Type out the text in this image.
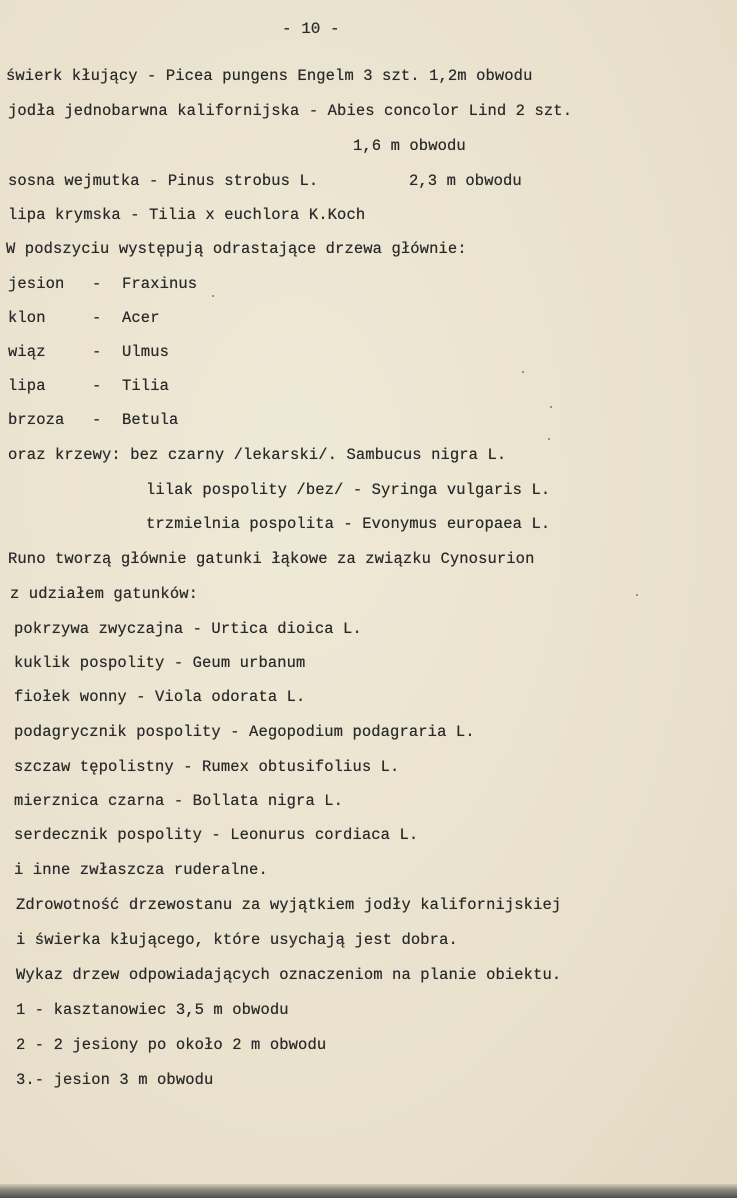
- 10 -
świerk kłujący - Picea pungens Engelm 3 szt. 1,2m obwodu
jodła jednobarwna kalifornijska - Abies concolor Lind 2 szt.
1,6 m obwodu
sosna wejmutka - Pinus strobus L.	2,3 m obwodu
lipa krymska - Tilia x euchlora K.Koch
W podszyciu występują odrastające drzewa głównie:
jesion - Fraxinus
klon	- Acer
wiąz	- Ulmus
lipa	- Tilia
brzoza - Betula
oraz krzewy: bez czarny /lekarski/. Sambucus nigra L.
lilak pospolity /bez/ - Syringa vulgaris L.
trzmielnia pospolita - Evonymus europaea L.
Runo tworzą głównie gatunki łąkowe za związku Cynosurion
z udziałem gatunków:
pokrzywa zwyczajna - Urtica dioica L.
kuklik pospolity - Geum urbanum
fiołek wonny - Viola odorata L.
podagrycznik pospolity - Aegopodium podagraria L.
szczaw tępolistny - Rumex obtusifolius L.
mierznica czarna - Bollata nigra L.
serdecznik pospolity - Leonurus cordiaca L.
i inne zwłaszcza ruderalne.
Zdrowotność drzewostanu za wyjątkiem jodły kalifornijskiej
i świerka kłującego, które usychają jest dobra.
Wykaz drzew odpowiadających oznaczeniom na planie obiektu.
1 - kasztanowiec 3,5 m obwodu
2 - 2 jesiony po około 2 m obwodu
3.- jesion 3 m obwodu
